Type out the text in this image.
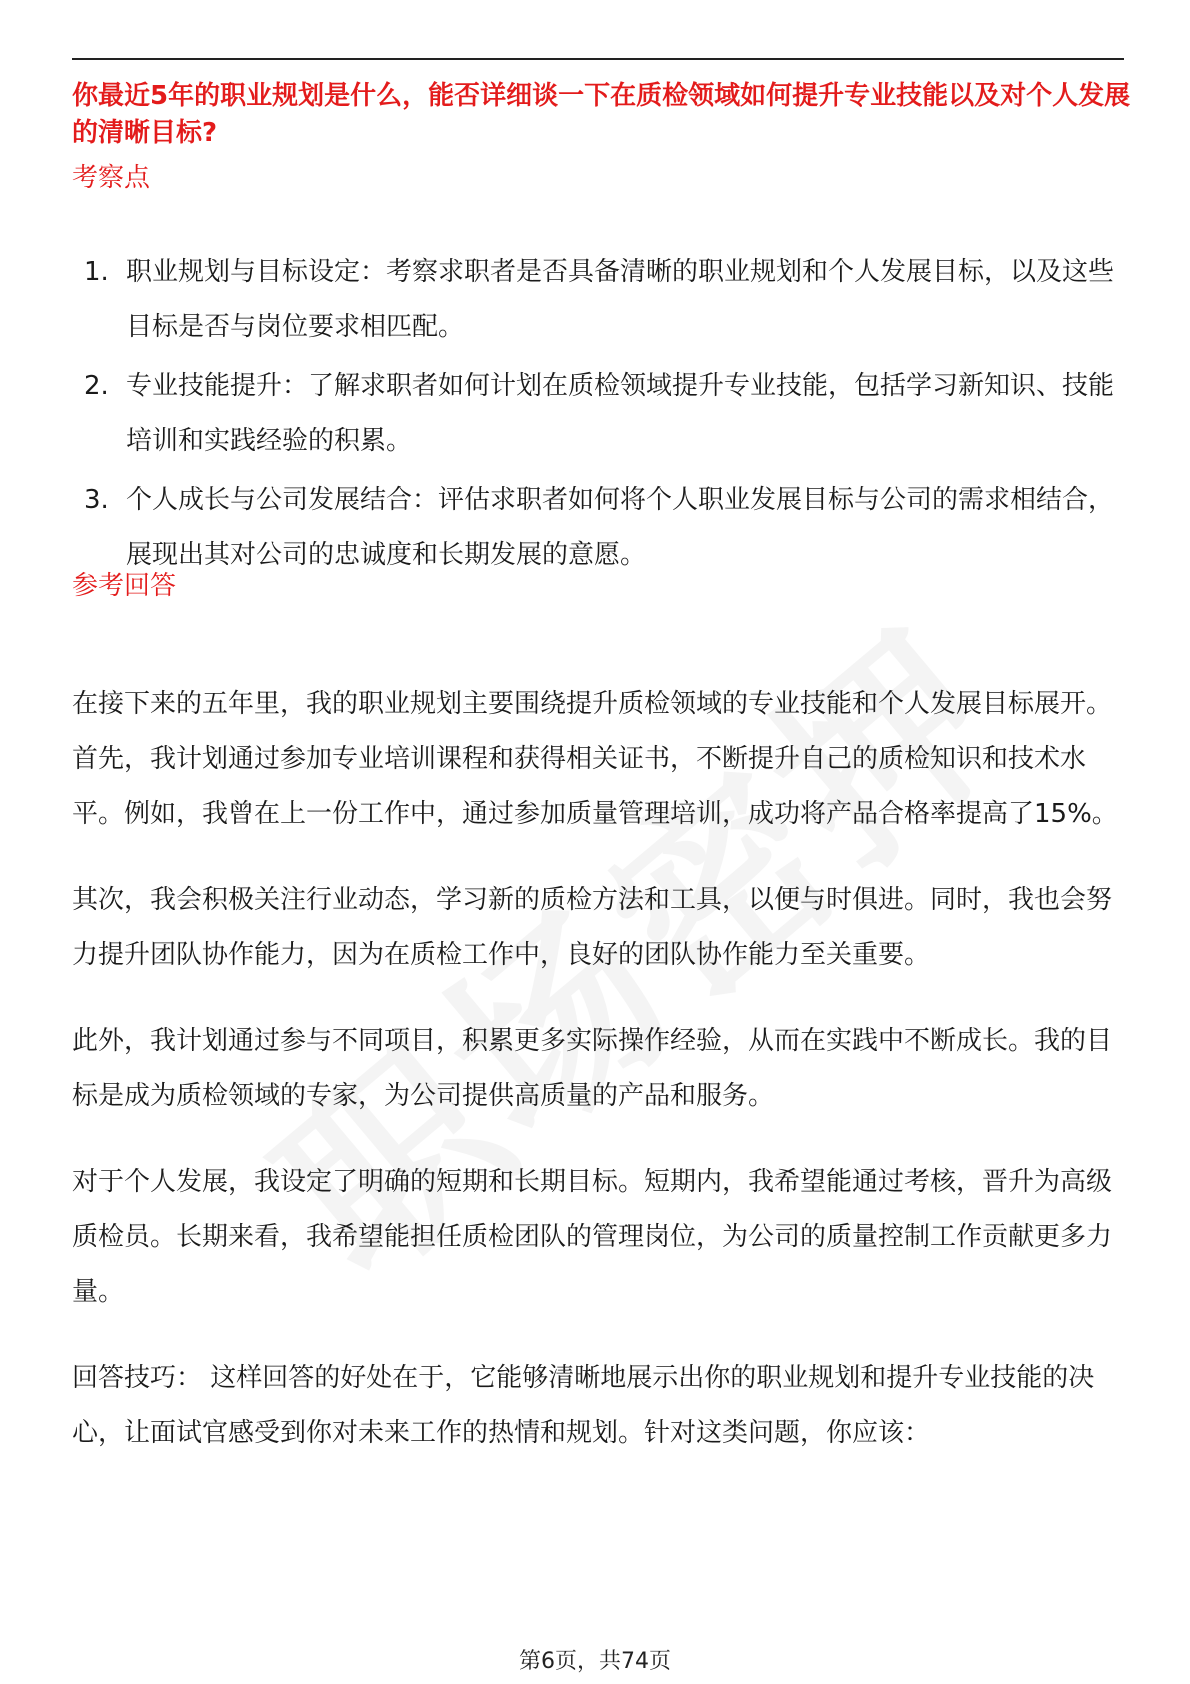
你最近5年的职业规划是什么，能否详细谈一下在质检领域如何提升专业技能以及对个人发展的清晰目标?
考察点
1. 职业规划与目标设定：考察求职者是否具备清晰的职业规划和个人发展目标，以及这些目标是否与岗位要求相匹配。
2. 专业技能提升：了解求职者如何计划在质检领域提升专业技能，包括学习新知识、技能培训和实践经验的积累。
3. 个人成长与公司发展结合：评估求职者如何将个人职业发展目标与公司的需求相结合，展现出其对公司的忠诚度和长期发展的意愿。
参考回答

在接下来的五年里，我的职业规划主要围绕提升质检领域的专业技能和个人发展目标展开。首先，我计划通过参加专业培训课程和获得相关证书，不断提升自己的质检知识和技术水平。例如，我曾在上一份工作中，通过参加质量管理培训，成功将产品合格率提高了15%。

其次，我会积极关注行业动态，学习新的质检方法和工具，以便与时俱进。同时，我也会努力提升团队协作能力，因为在质检工作中，良好的团队协作能力至关重要。

此外，我计划通过参与不同项目，积累更多实际操作经验，从而在实践中不断成长。我的目标是成为质检领域的专家，为公司提供高质量的产品和服务。

对于个人发展，我设定了明确的短期和长期目标。短期内，我希望能通过考核，晋升为高级质检员。长期来看，我希望能担任质检团队的管理岗位，为公司的质量控制工作贡献更多力量。

回答技巧： 这样回答的好处在于，它能够清晰地展示出你的职业规划和提升专业技能的决心，让面试官感受到你对未来工作的热情和规划。针对这类问题，你应该：

第6页，共74页
